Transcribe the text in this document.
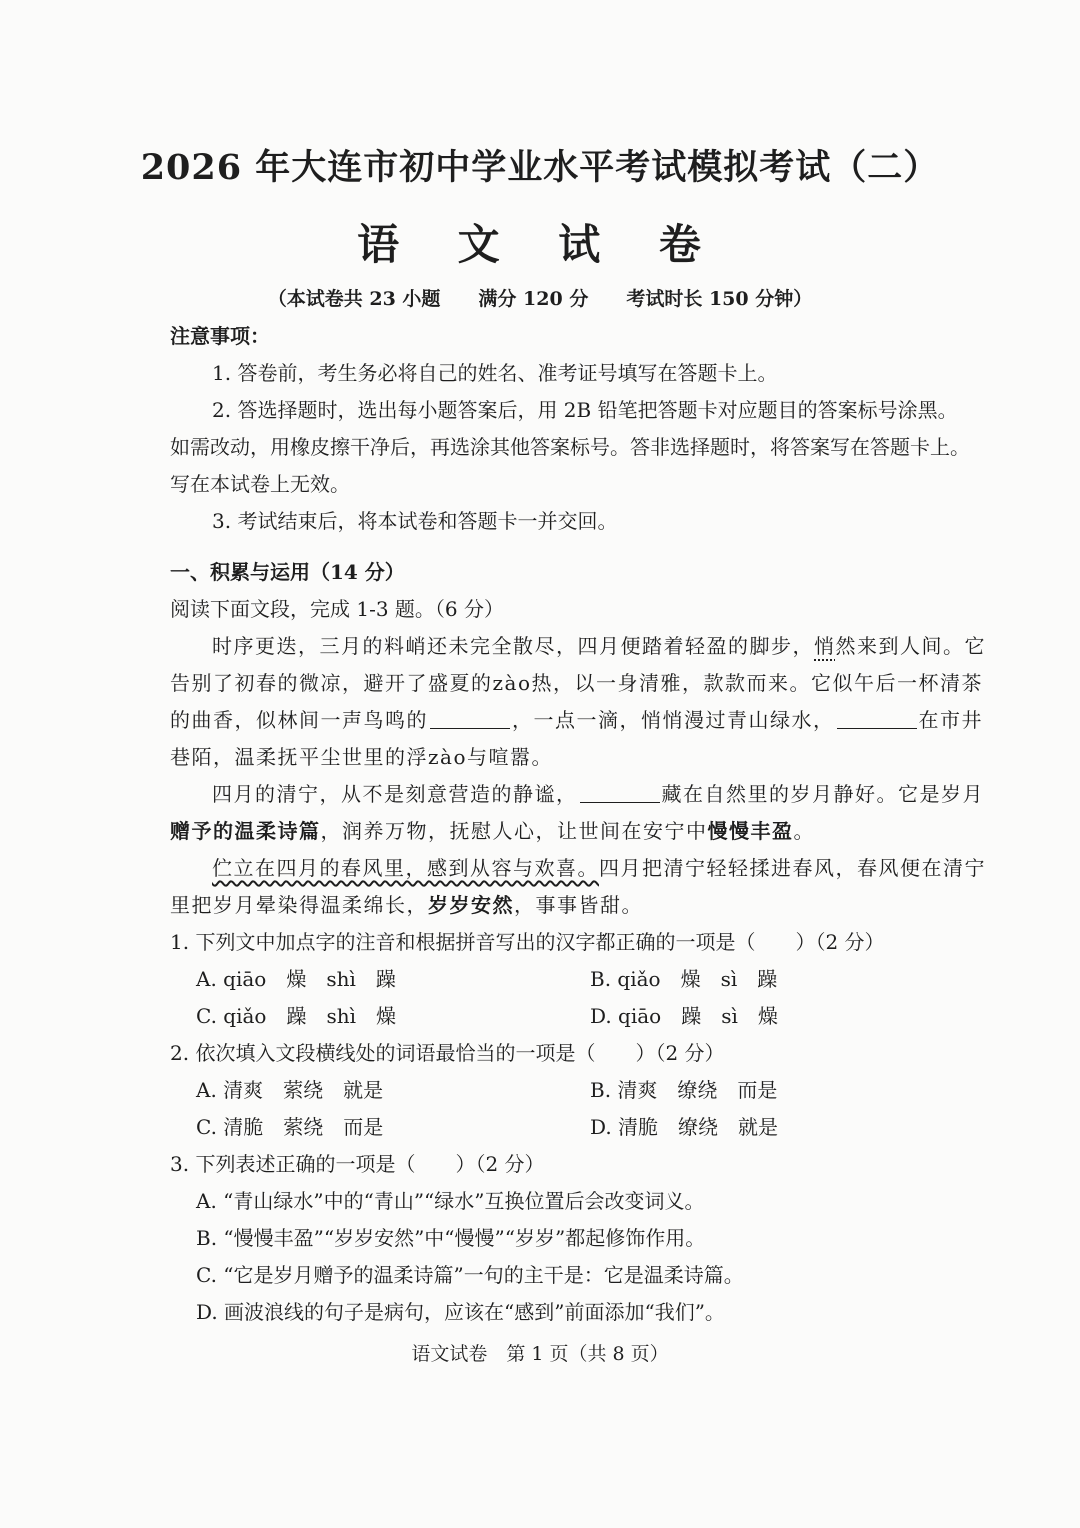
2026 年大连市初中学业水平考试模拟考试（二）
语 文 试 卷
（本试卷共 23 小题　　满分 120 分　　考试时长 150 分钟）
注意事项：
1. 答卷前，考生务必将自己的姓名、准考证号填写在答题卡上。
2. 答选择题时，选出每小题答案后，用 2B 铅笔把答题卡对应题目的答案标号涂黑。
如需改动，用橡皮擦干净后，再选涂其他答案标号。答非选择题时，将答案写在答题卡上。
写在本试卷上无效。
3. 考试结束后，将本试卷和答题卡一并交回。
一、积累与运用（14 分）
阅读下面文段，完成 1-3 题。（6 分）
时序更迭，三月的料峭还未完全散尽，四月便踏着轻盈的脚步，悄然来到人间。它
告别了初春的微凉，避开了盛夏的zào热，以一身清雅，款款而来。它似午后一杯清茶
的曲香，似林间一声鸟鸣的	，一点一滴，悄悄漫过青山绿水，	在市井
巷陌，温柔抚平尘世里的浮zào与喧嚣。
四月的清宁，从不是刻意营造的静谧，	藏在自然里的岁月静好。它是岁月
赠予的温柔诗篇，润养万物，抚慰人心，让世间在安宁中慢慢丰盈。
伫立在四月的春风里，感到从容与欢喜。四月把清宁轻轻揉进春风，春风便在清宁
里把岁月晕染得温柔绵长，岁岁安然，事事皆甜。
1. 下列文中加点字的注音和根据拼音写出的汉字都正确的一项是（　　）（2 分）
A. qiāo　燥　shì　躁	B. qiǎo　燥　sì　躁
C. qiǎo　躁　shì　燥	D. qiāo　躁　sì　燥
2. 依次填入文段横线处的词语最恰当的一项是（　　）（2 分）
A. 清爽　萦绕　就是	B. 清爽　缭绕　而是
C. 清脆　萦绕　而是	D. 清脆　缭绕　就是
3. 下列表述正确的一项是（　　）（2 分）
A. “青山绿水”中的“青山”“绿水”互换位置后会改变词义。
B. “慢慢丰盈”“岁岁安然”中“慢慢”“岁岁”都起修饰作用。
C. “它是岁月赠予的温柔诗篇”一句的主干是：它是温柔诗篇。
D. 画波浪线的句子是病句，应该在“感到”前面添加“我们”。
语文试卷　第 1 页（共 8 页）
